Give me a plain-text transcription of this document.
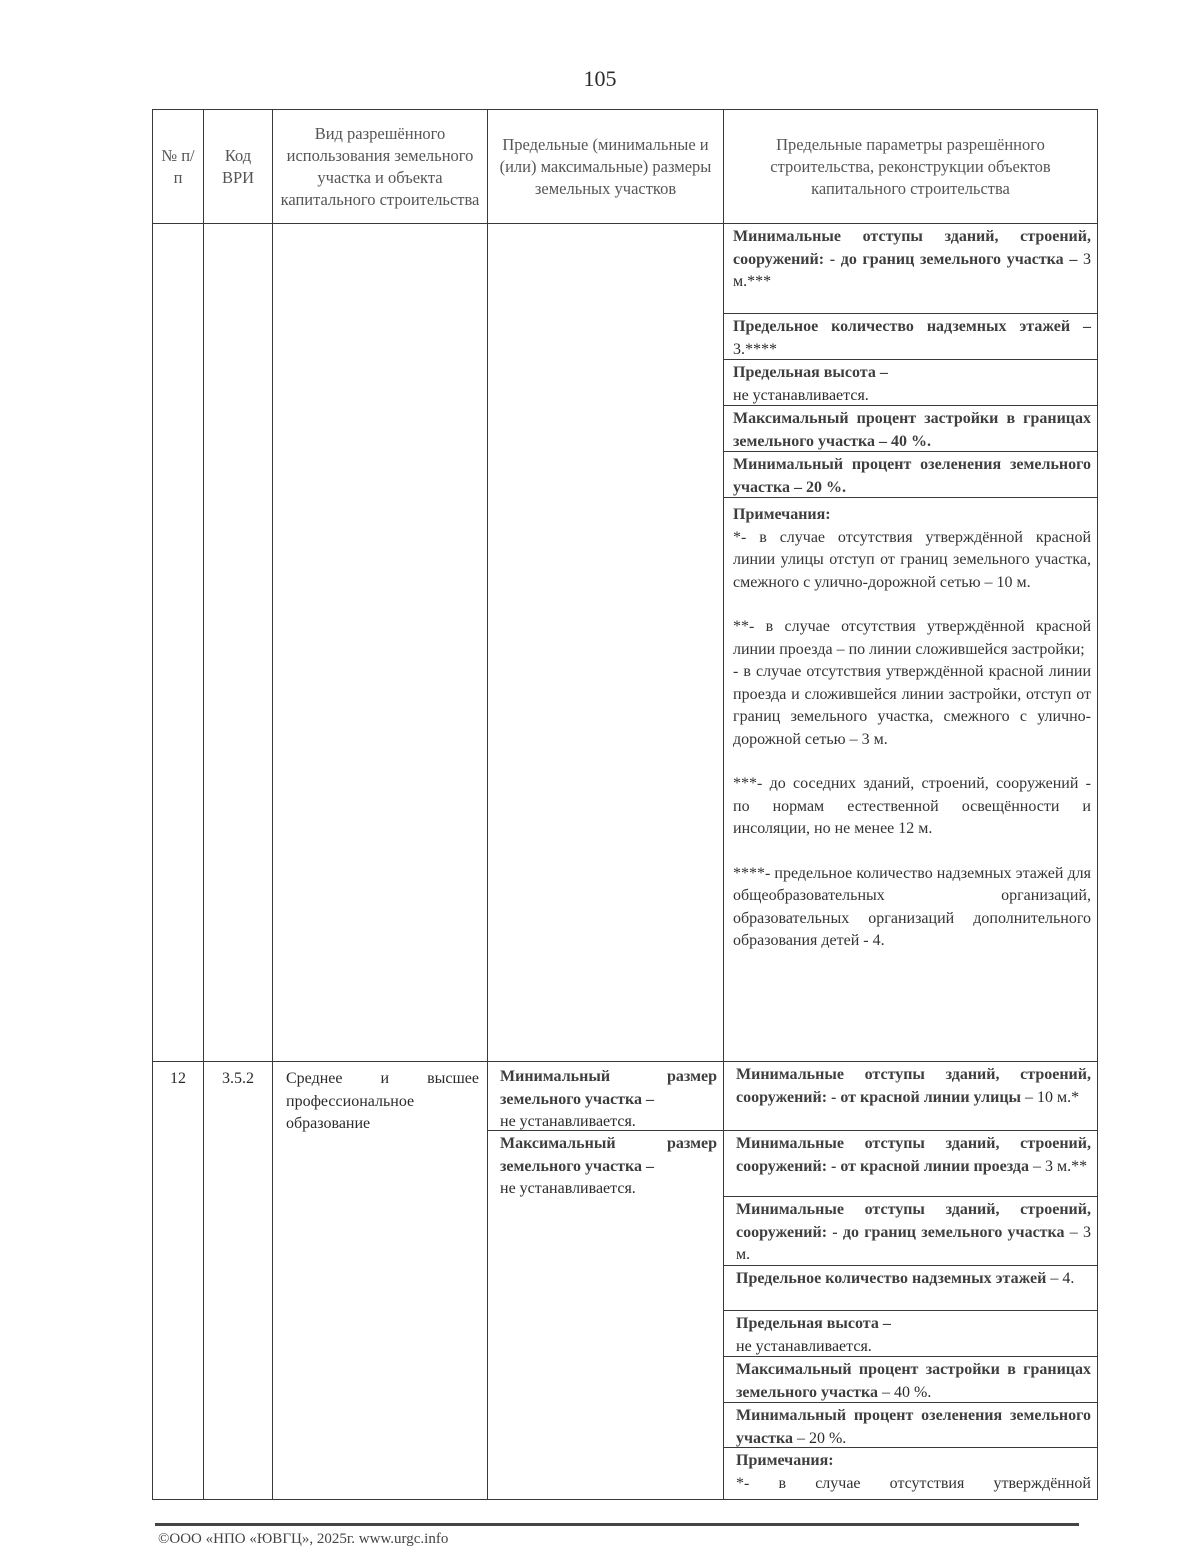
105
№ п/п
Код ВРИ
Вид разрешённого использования земельного участка и объекта капитального строительства
Предельные (минимальные и (или) максимальные) размеры земельных участков
Предельные параметры разрешённого строительства, реконструкции объектов капитального строительства
Минимальные отступы зданий, строений, сооружений: - до границ земельного участка – 3 м.***
Предельное количество надземных этажей – 3.****
Предельная высота –
не устанавливается.
Максимальный процент застройки в границах земельного участка – 40 %.
Минимальный процент озеленения земельного участка – 20 %.
Примечания:

*- в случае отсутствия утверждённой красной линии улицы отступ от границ земельного участка, смежного с улично-дорожной сетью – 10 м.

**- в случае отсутствия утверждённой красной линии проезда – по линии сложившейся застройки;

- в случае отсутствия утверждённой красной линии проезда и сложившейся линии застройки, отступ от границ земельного участка, смежного с улично-дорожной сетью – 3 м.

***- до соседних зданий, строений, сооружений - по нормам естественной освещённости и инсоляции, но не менее 12 м.

****- предельное количество надземных этажей для общеобразовательных организаций, образовательных организаций дополнительного образования детей - 4.

12	3.5.2	Среднее и высшее профессиональное образование
Минимальный размер земельного участка –
не устанавливается.
Максимальный размер земельного участка –
не устанавливается.
Минимальные отступы зданий, строений, сооружений: - от красной линии улицы – 10 м.*
Минимальные отступы зданий, строений, сооружений: - от красной линии проезда – 3 м.**
Минимальные отступы зданий, строений, сооружений: - до границ земельного участка – 3 м.
Предельное количество надземных этажей – 4.
Предельная высота –
не устанавливается.
Максимальный процент застройки в границах земельного участка – 40 %.
Минимальный процент озеленения земельного участка – 20 %.
Примечания:
*- в случае отсутствия утверждённой
©ООО «НПО «ЮВГЦ», 2025г. www.urgc.info
